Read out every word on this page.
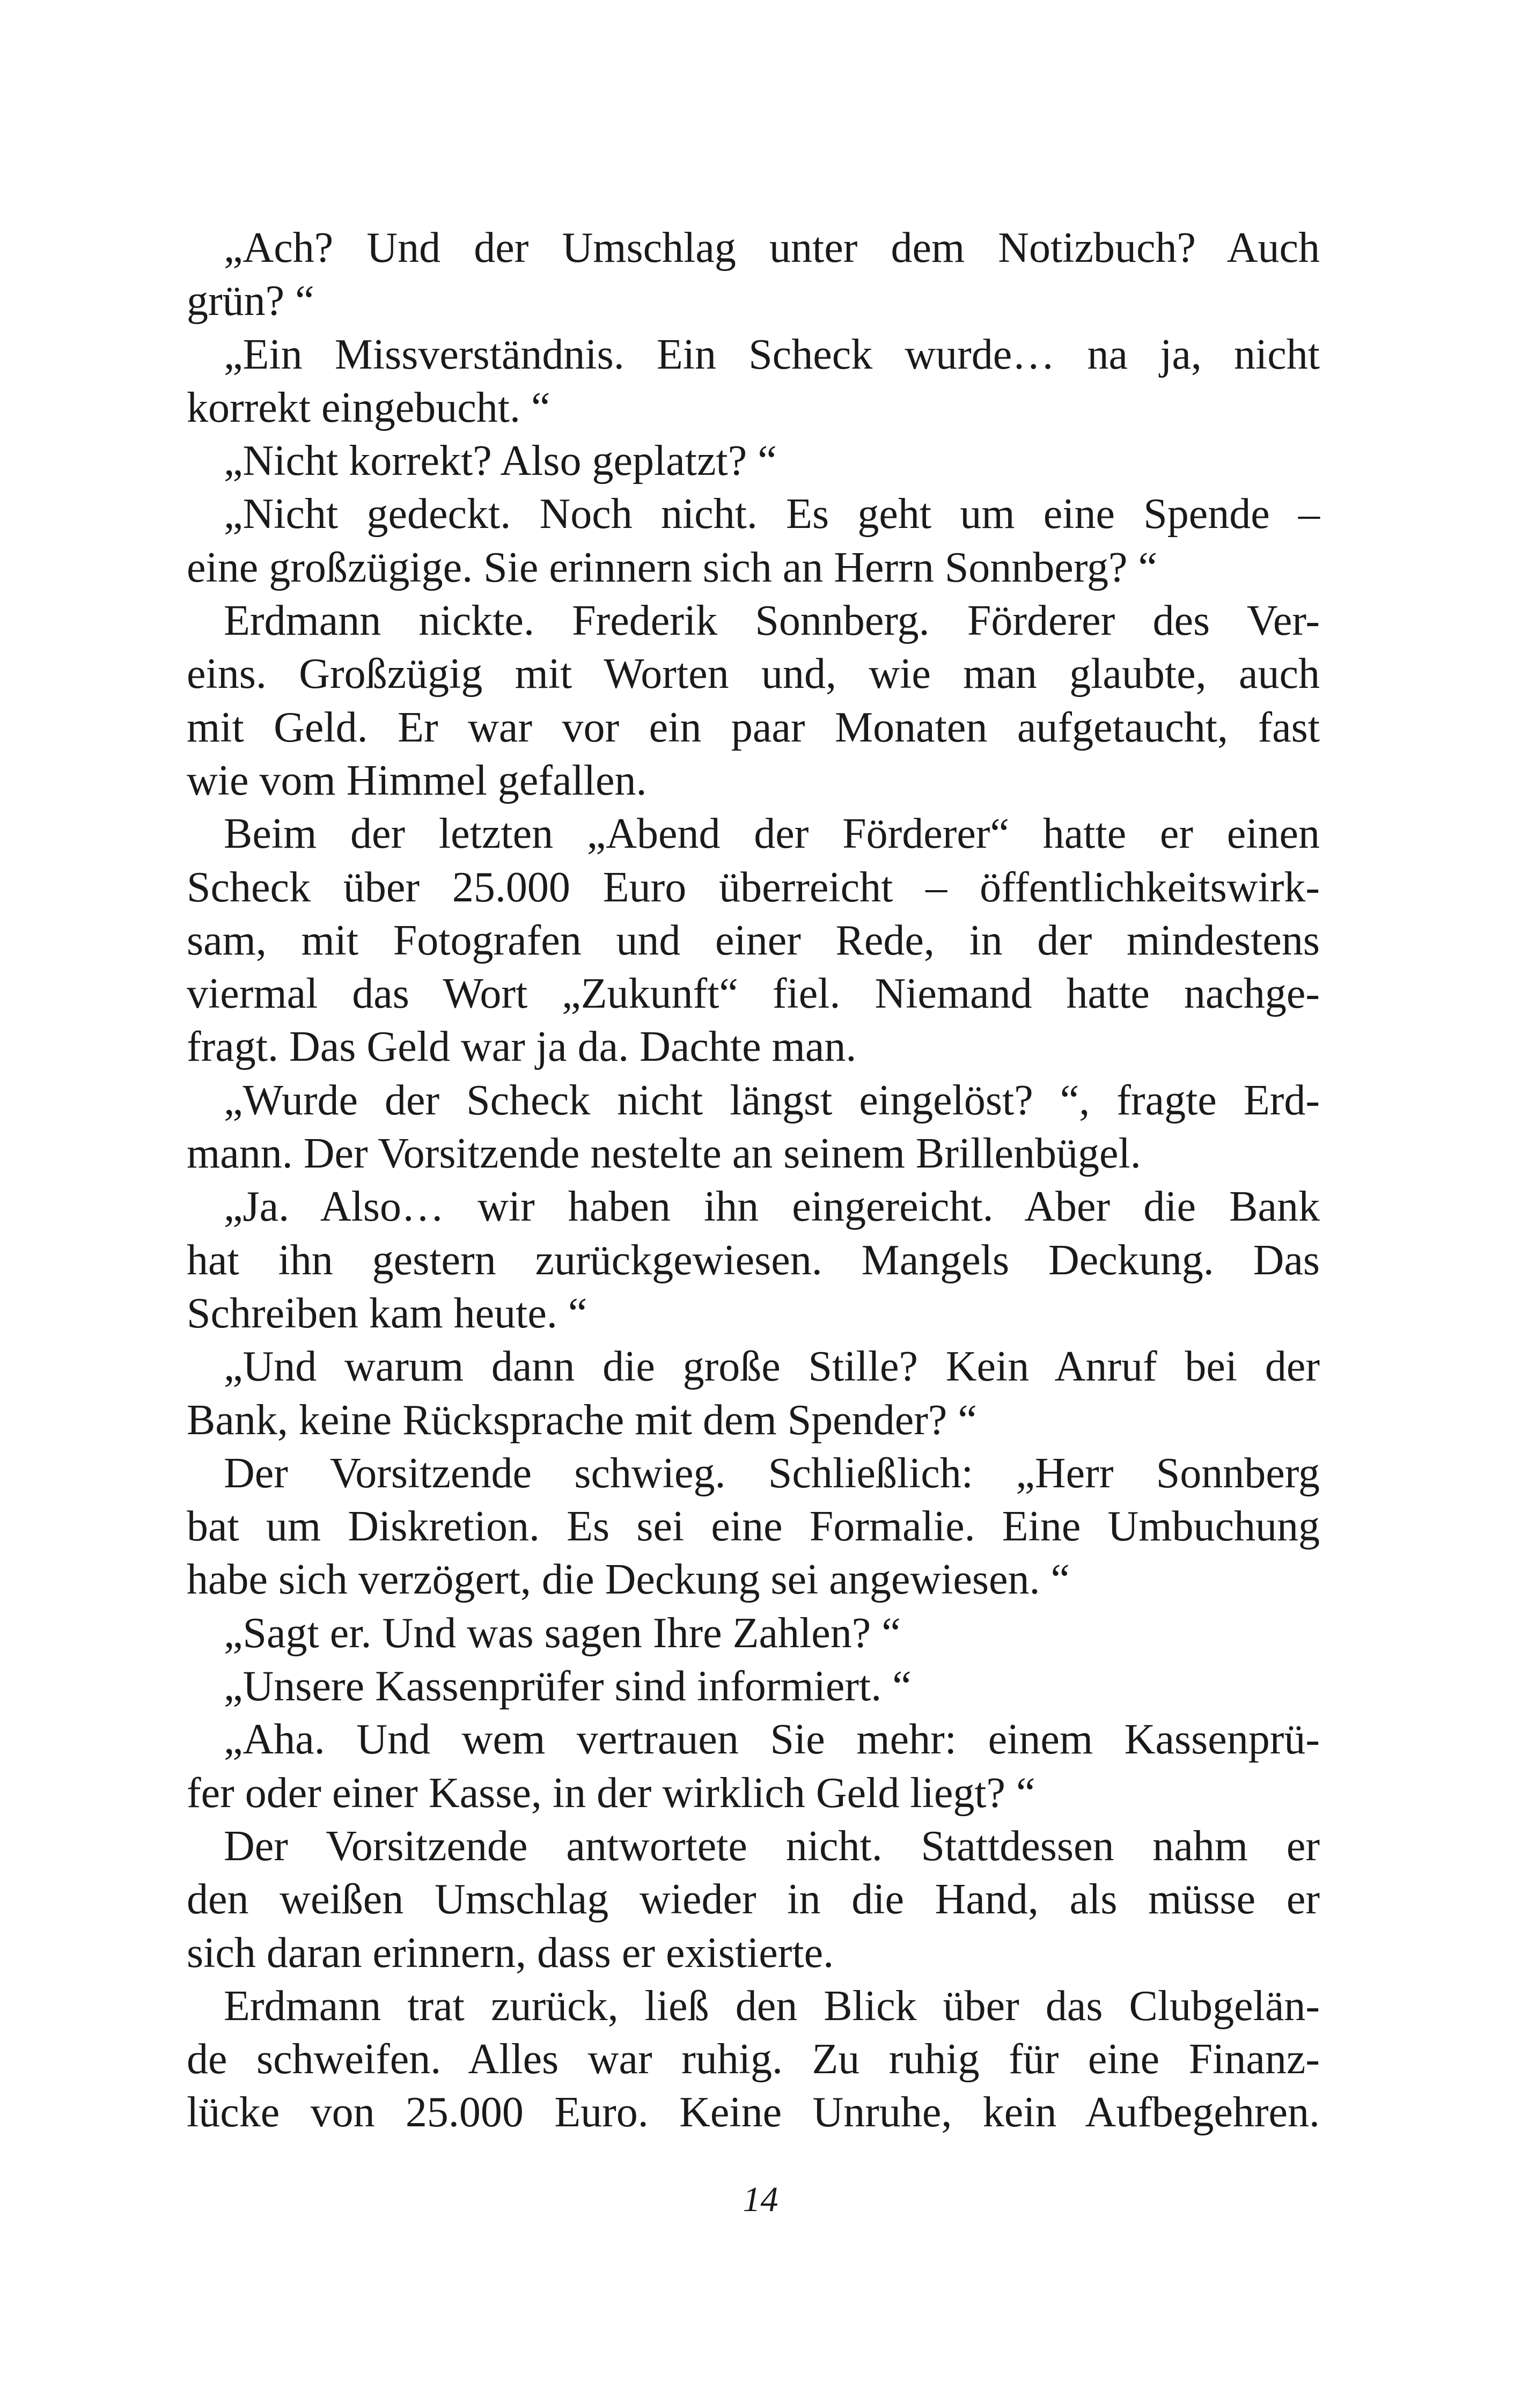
„Ach? Und der Umschlag unter dem Notizbuch? Auch
grün? “
„Ein Missverständnis. Ein Scheck wurde… na ja, nicht
korrekt eingebucht. “
„Nicht korrekt? Also geplatzt? “
„Nicht gedeckt. Noch nicht. Es geht um eine Spende –
eine großzügige. Sie erinnern sich an Herrn Sonnberg? “
Erdmann nickte. Frederik Sonnberg. Förderer des Ver-
eins. Großzügig mit Worten und, wie man glaubte, auch
mit Geld. Er war vor ein paar Monaten aufgetaucht, fast
wie vom Himmel gefallen.
Beim der letzten „Abend der Förderer“ hatte er einen
Scheck über 25.000 Euro überreicht – öffentlichkeitswirk-
sam, mit Fotografen und einer Rede, in der mindestens
viermal das Wort „Zukunft“ fiel. Niemand hatte nachge-
fragt. Das Geld war ja da. Dachte man.
„Wurde der Scheck nicht längst eingelöst? “, fragte Erd-
mann. Der Vorsitzende nestelte an seinem Brillenbügel.
„Ja. Also… wir haben ihn eingereicht. Aber die Bank
hat ihn gestern zurückgewiesen. Mangels Deckung. Das
Schreiben kam heute. “
„Und warum dann die große Stille? Kein Anruf bei der
Bank, keine Rücksprache mit dem Spender? “
Der Vorsitzende schwieg. Schließlich: „Herr Sonnberg
bat um Diskretion. Es sei eine Formalie. Eine Umbuchung
habe sich verzögert, die Deckung sei angewiesen. “
„Sagt er. Und was sagen Ihre Zahlen? “
„Unsere Kassenprüfer sind informiert. “
„Aha. Und wem vertrauen Sie mehr: einem Kassenprü-
fer oder einer Kasse, in der wirklich Geld liegt? “
Der Vorsitzende antwortete nicht. Stattdessen nahm er
den weißen Umschlag wieder in die Hand, als müsse er
sich daran erinnern, dass er existierte.
Erdmann trat zurück, ließ den Blick über das Clubgelän-
de schweifen. Alles war ruhig. Zu ruhig für eine Finanz-
lücke von 25.000 Euro. Keine Unruhe, kein Aufbegehren.
14
